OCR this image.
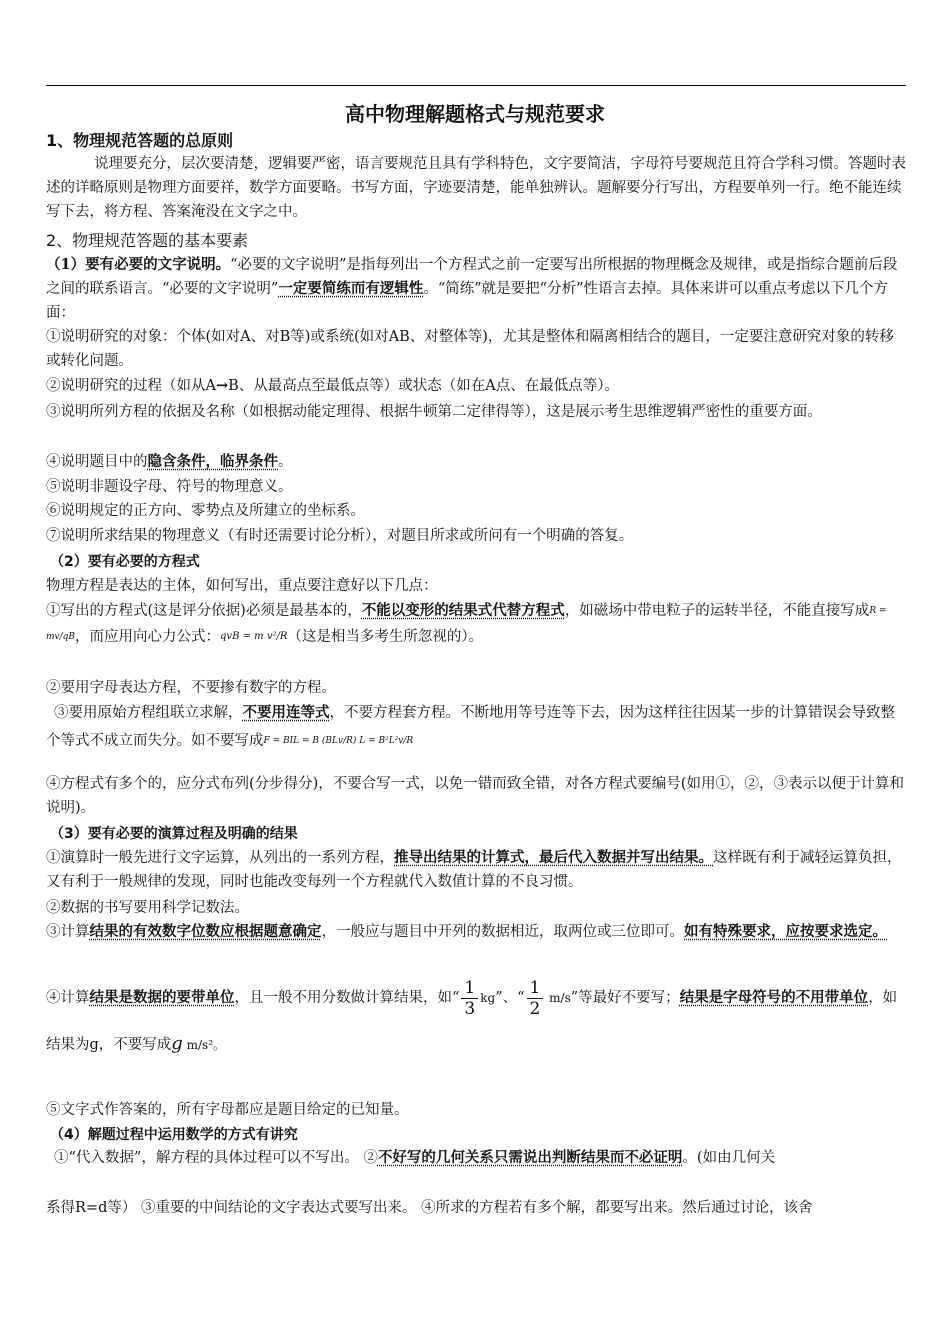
高中物理解题格式与规范要求
1、物理规范答题的总原则
说理要充分，层次要清楚，逻辑要严密，语言要规范且具有学科特色，文字要简洁，字母符号要规范且符合学科习惯。答题时表述的详略原则是物理方面要祥，数学方面要略。书写方面，字迹要清楚，能单独辨认。题解要分行写出，方程要单列一行。绝不能连续写下去，将方程、答案淹没在文字之中。
2、物理规范答题的基本要素
（1）要有必要的文字说明。“必要的文字说明”是指每列出一个方程式之前一定要写出所根据的物理概念及规律，或是指综合题前后段之间的联系语言。“必要的文字说明”一定要简练而有逻辑性。“简练”就是要把“分析”性语言去掉。具体来讲可以重点考虑以下几个方面：
①说明研究的对象：个体(如对A、对B等)或系统(如对AB、对整体等)，尤其是整体和隔离相结合的题目，一定要注意研究对象的转移或转化问题。
②说明研究的过程（如从A→B、从最高点至最低点等）或状态（如在A点、在最低点等）。
③说明所列方程的依据及名称（如根据动能定理得、根据牛顿第二定律得等），这是展示考生思维逻辑严密性的重要方面。
④说明题目中的隐含条件，临界条件。
⑤说明非题设字母、符号的物理意义。
⑥说明规定的正方向、零势点及所建立的坐标系。
⑦说明所求结果的物理意义（有时还需要讨论分析），对题目所求或所问有一个明确的答复。
（2）要有必要的方程式
物理方程是表达的主体，如何写出，重点要注意好以下几点：
①写出的方程式(这是评分依据)必须是最基本的，不能以变形的结果式代替方程式，如磁场中带电粒子的运转半径，不能直接写成R = mv/qB，而应用向心力公式：qvB = m v²/R（这是相当多考生所忽视的）。
②要用字母表达方程，不要掺有数字的方程。
③要用原始方程组联立求解，不要用连等式，不要方程套方程。不断地用等号连等下去，因为这样往往因某一步的计算错误会导致整个等式不成立而失分。如不要写成F = BIL = B (BLv/R) L = B²L²v/R
④方程式有多个的，应分式布列(分步得分)，不要合写一式，以免一错而致全错，对各方程式要编号(如用①，②，③表示以便于计算和说明)。
（3）要有必要的演算过程及明确的结果
①演算时一般先进行文字运算，从列出的一系列方程，推导出结果的计算式，最后代入数据并写出结果。这样既有利于减轻运算负担，又有利于一般规律的发现，同时也能改变每列一个方程就代入数值计算的不良习惯。
②数据的书写要用科学记数法。
③计算结果的有效数字位数应根据题意确定，一般应与题目中开列的数据相近，取两位或三位即可。如有特殊要求，应按要求选定。
④计算结果是数据的要带单位，且一般不用分数做计算结果，如“ $\frac{1}{3}$ kg”、“ $\frac{1}{2} m/s$”等最好不要写；结果是字母符号的不用带单位，如结果为g，不要写成g m/s²。
⑤文字式作答案的，所有字母都应是题目给定的已知量。
（4）解题过程中运用数学的方式有讲究
①“代入数据”，解方程的具体过程可以不写出。 ②不好写的几何关系只需说出判断结果而不必证明。(如由几何关
系得R=d等） ③重要的中间结论的文字表达式要写出来。 ④所求的方程若有多个解，都要写出来。然后通过讨论，该舍
